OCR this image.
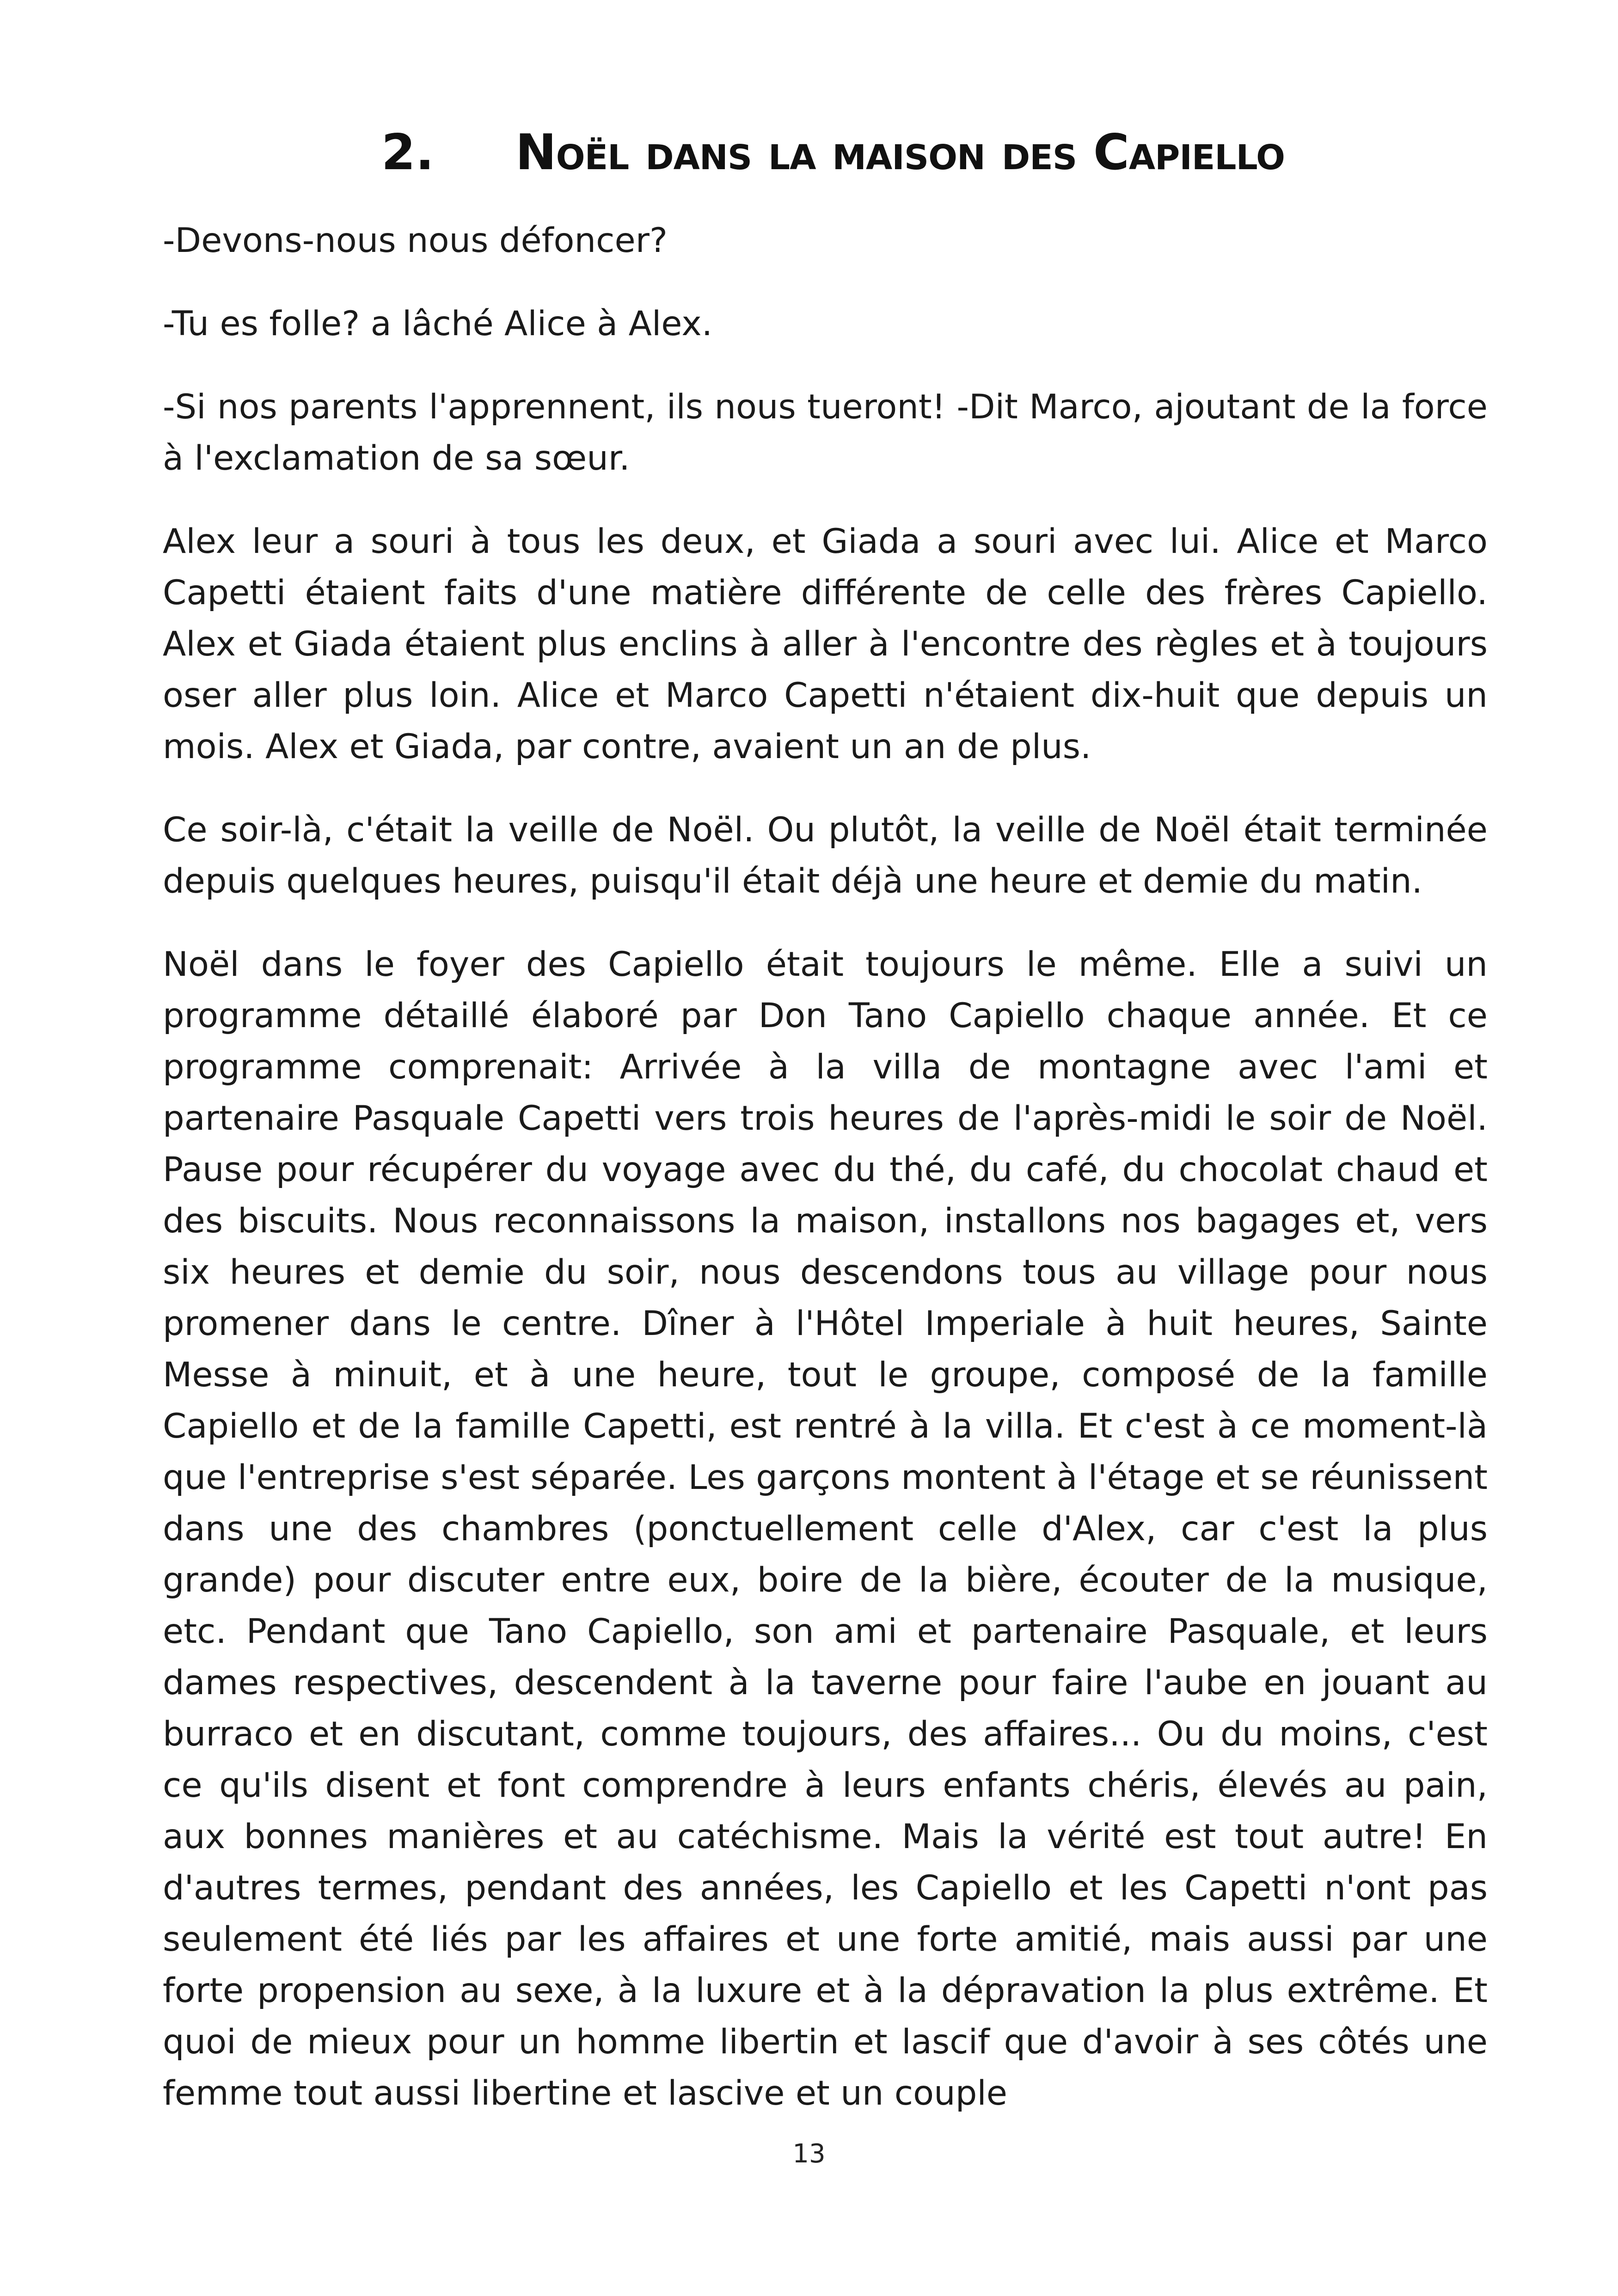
2. Noël dans la maison des Capiello

-Devons-nous nous défoncer?

-Tu es folle? a lâché Alice à Alex.

-Si nos parents l'apprennent, ils nous tueront! -Dit Marco, ajoutant de la force à l'exclamation de sa sœur.

Alex leur a souri à tous les deux, et Giada a souri avec lui. Alice et Marco Capetti étaient faits d'une matière différente de celle des frères Capiello. Alex et Giada étaient plus enclins à aller à l'encontre des règles et à toujours oser aller plus loin. Alice et Marco Capetti n'étaient dix-huit que depuis un mois. Alex et Giada, par contre, avaient un an de plus.

Ce soir-là, c'était la veille de Noël. Ou plutôt, la veille de Noël était terminée depuis quelques heures, puisqu'il était déjà une heure et demie du matin.

Noël dans le foyer des Capiello était toujours le même. Elle a suivi un programme détaillé élaboré par Don Tano Capiello chaque année. Et ce programme comprenait: Arrivée à la villa de montagne avec l'ami et partenaire Pasquale Capetti vers trois heures de l'après-midi le soir de Noël. Pause pour récupérer du voyage avec du thé, du café, du chocolat chaud et des biscuits. Nous reconnaissons la maison, installons nos bagages et, vers six heures et demie du soir, nous descendons tous au village pour nous promener dans le centre. Dîner à l'Hôtel Imperiale à huit heures, Sainte Messe à minuit, et à une heure, tout le groupe, composé de la famille Capiello et de la famille Capetti, est rentré à la villa. Et c'est à ce moment-là que l'entreprise s'est séparée. Les garçons montent à l'étage et se réunissent dans une des chambres (ponctuellement celle d'Alex, car c'est la plus grande) pour discuter entre eux, boire de la bière, écouter de la musique, etc. Pendant que Tano Capiello, son ami et partenaire Pasquale, et leurs dames respectives, descendent à la taverne pour faire l'aube en jouant au burraco et en discutant, comme toujours, des affaires... Ou du moins, c'est ce qu'ils disent et font comprendre à leurs enfants chéris, élevés au pain, aux bonnes manières et au catéchisme. Mais la vérité est tout autre! En d'autres termes, pendant des années, les Capiello et les Capetti n'ont pas seulement été liés par les affaires et une forte amitié, mais aussi par une forte propension au sexe, à la luxure et à la dépravation la plus extrême. Et quoi de mieux pour un homme libertin et lascif que d'avoir à ses côtés une femme tout aussi libertine et lascive et un couple

13
